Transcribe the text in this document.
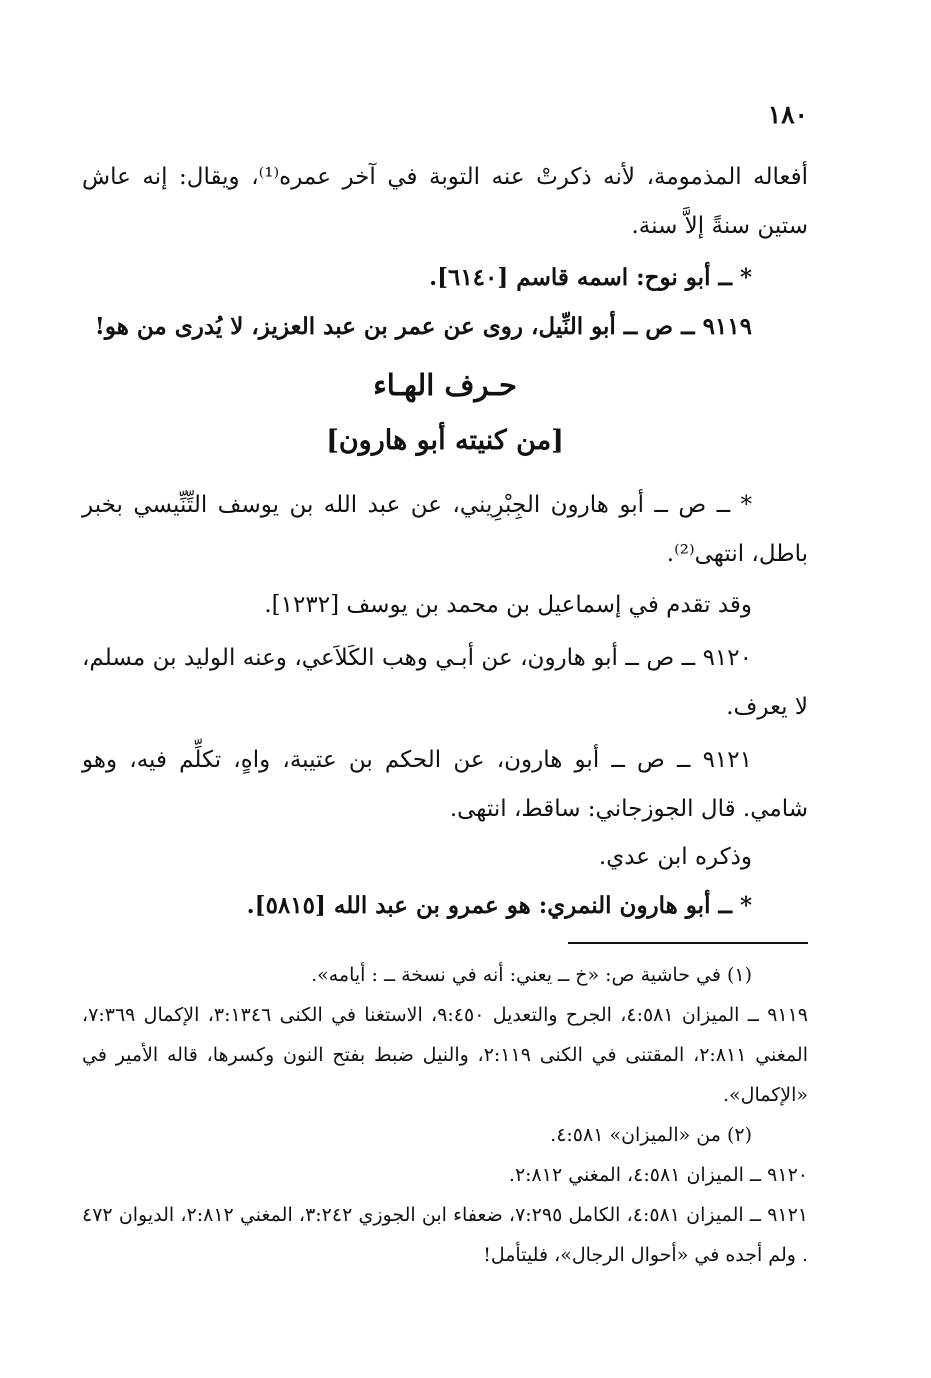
١٨٠

أفعاله المذمومة، لأنه ذكرتْ عنه التوبة في آخر عمره⁽¹⁾، ويقال: إنه عاش ستين سنةً إلاَّ سنة.

* ــ أبو نوح: اسمه قاسم [٦١٤٠].

٩١١٩ ــ ص ــ أبو النِّيل، روى عن عمر بن عبد العزيز، لا يُدرى من هو!

حـرف الهـاء
[من كنيته أبو هارون]

* ــ ص ــ أبو هارون الجِبْرِيني، عن عبد الله بن يوسف التِّنِّيسي بخبر باطل، انتهى⁽²⁾.

وقد تقدم في إسماعيل بن محمد بن يوسف [١٢٣٢].

٩١٢٠ ــ ص ــ أبو هارون، عن أبـي وهب الكَلاَعي، وعنه الوليد بن مسلم، لا يعرف.

٩١٢١ ــ ص ــ أبو هارون، عن الحكم بن عتيبة، واهٍ، تكلِّم فيه، وهو شامي. قال الجوزجاني: ساقط، انتهى.

وذكره ابن عدي.

* ــ أبو هارون النمري: هو عمرو بن عبد الله [٥٨١٥].

(١) في حاشية ص: «خ ــ يعني: أنه في نسخة ــ : أيامه».

٩١١٩ ــ الميزان ٤:٥٨١، الجرح والتعديل ٩:٤٥٠، الاستغنا في الكنى ٣:١٣٤٦، الإكمال ٧:٣٦٩، المغني ٢:٨١١، المقتنى في الكنى ٢:١١٩، والنيل ضبط بفتح النون وكسرها، قاله الأمير في «الإكمال».

(٢) من «الميزان» ٤:٥٨١.

٩١٢٠ ــ الميزان ٤:٥٨١، المغني ٢:٨١٢.

٩١٢١ ــ الميزان ٤:٥٨١، الكامل ٧:٢٩٥، ضعفاء ابن الجوزي ٣:٢٤٢، المغني ٢:٨١٢، الديوان ٤٧٢ . ولم أجده في «أحوال الرجال»، فليتأمل!
